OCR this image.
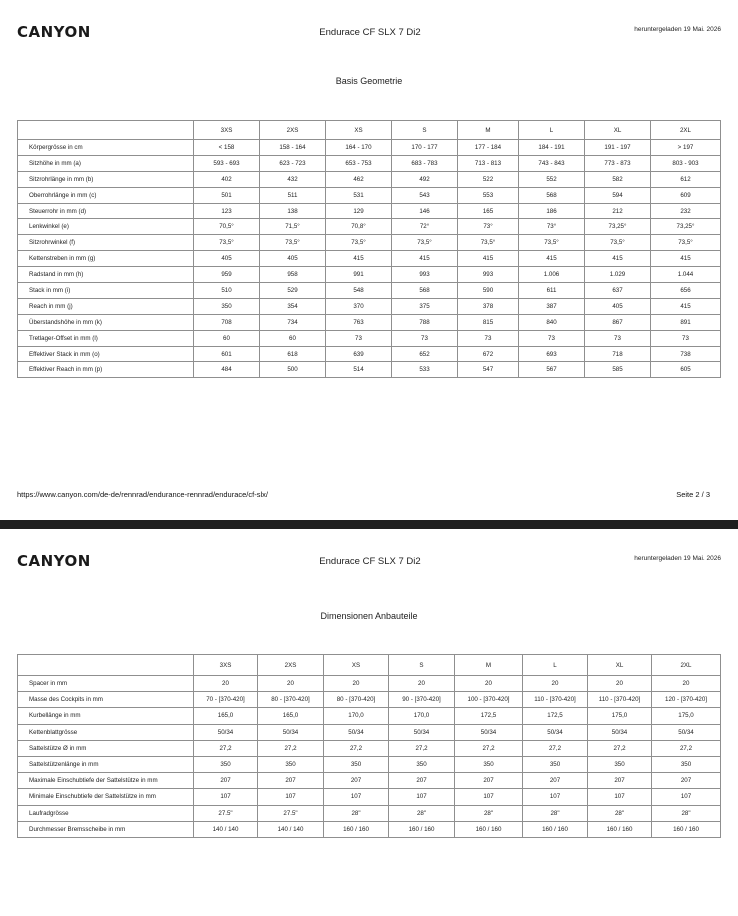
CANYON	Endurace CF SLX 7 Di2	heruntergeladen 19 Mai. 2026
Basis Geometrie
	3XS	2XS	XS	S	M	L	XL	2XL
Körpergrösse in cm	< 158	158 - 164	164 - 170	170 - 177	177 - 184	184 - 191	191 - 197	> 197
Sitzhöhe in mm (a)	593 - 693	623 - 723	653 - 753	683 - 783	713 - 813	743 - 843	773 - 873	803 - 903
Sitzrohrlänge in mm (b)	402	432	462	492	522	552	582	612
Oberrohrlänge in mm (c)	501	511	531	543	553	568	594	609
Steuerrohr in mm (d)	123	138	129	146	165	186	212	232
Lenkwinkel (e)	70,5°	71,5°	70,8°	72°	73°	73°	73,25°	73,25°
Sitzrohrwinkel (f)	73,5°	73,5°	73,5°	73,5°	73,5°	73,5°	73,5°	73,5°
Kettenstreben in mm (g)	405	405	415	415	415	415	415	415
Radstand in mm (h)	959	958	991	993	993	1.006	1.029	1.044
Stack in mm (i)	510	529	548	568	590	611	637	656
Reach in mm (j)	350	354	370	375	378	387	405	415
Überstandshöhe in mm (k)	708	734	763	788	815	840	867	891
Tretlager-Offset in mm (l)	60	60	73	73	73	73	73	73
Effektiver Stack in mm (o)	601	618	639	652	672	693	718	738
Effektiver Reach in mm (p)	484	500	514	533	547	567	585	605
https://www.canyon.com/de-de/rennrad/endurance-rennrad/endurace/cf-slx/	Seite 2 / 3
CANYON	Endurace CF SLX 7 Di2	heruntergeladen 19 Mai. 2026
Dimensionen Anbauteile
	3XS	2XS	XS	S	M	L	XL	2XL
Spacer in mm	20	20	20	20	20	20	20	20
Masse des Cockpits in mm	70 - [370-420]	80 - [370-420]	80 - [370-420]	90 - [370-420]	100 - [370-420]	110 - [370-420]	110 - [370-420]	120 - [370-420]
Kurbellänge in mm	165,0	165,0	170,0	170,0	172,5	172,5	175,0	175,0
Kettenblattgrösse	50/34	50/34	50/34	50/34	50/34	50/34	50/34	50/34
Sattelstütze Ø in mm	27,2	27,2	27,2	27,2	27,2	27,2	27,2	27,2
Sattelstützenlänge in mm	350	350	350	350	350	350	350	350
Maximale Einschubtiefe der Sattelstütze in mm	207	207	207	207	207	207	207	207
Minimale Einschubtiefe der Sattelstütze in mm	107	107	107	107	107	107	107	107
Laufradgrösse	27.5"	27.5"	28"	28"	28"	28"	28"	28"
Durchmesser Bremsscheibe in mm	140 / 140	140 / 140	160 / 160	160 / 160	160 / 160	160 / 160	160 / 160	160 / 160
